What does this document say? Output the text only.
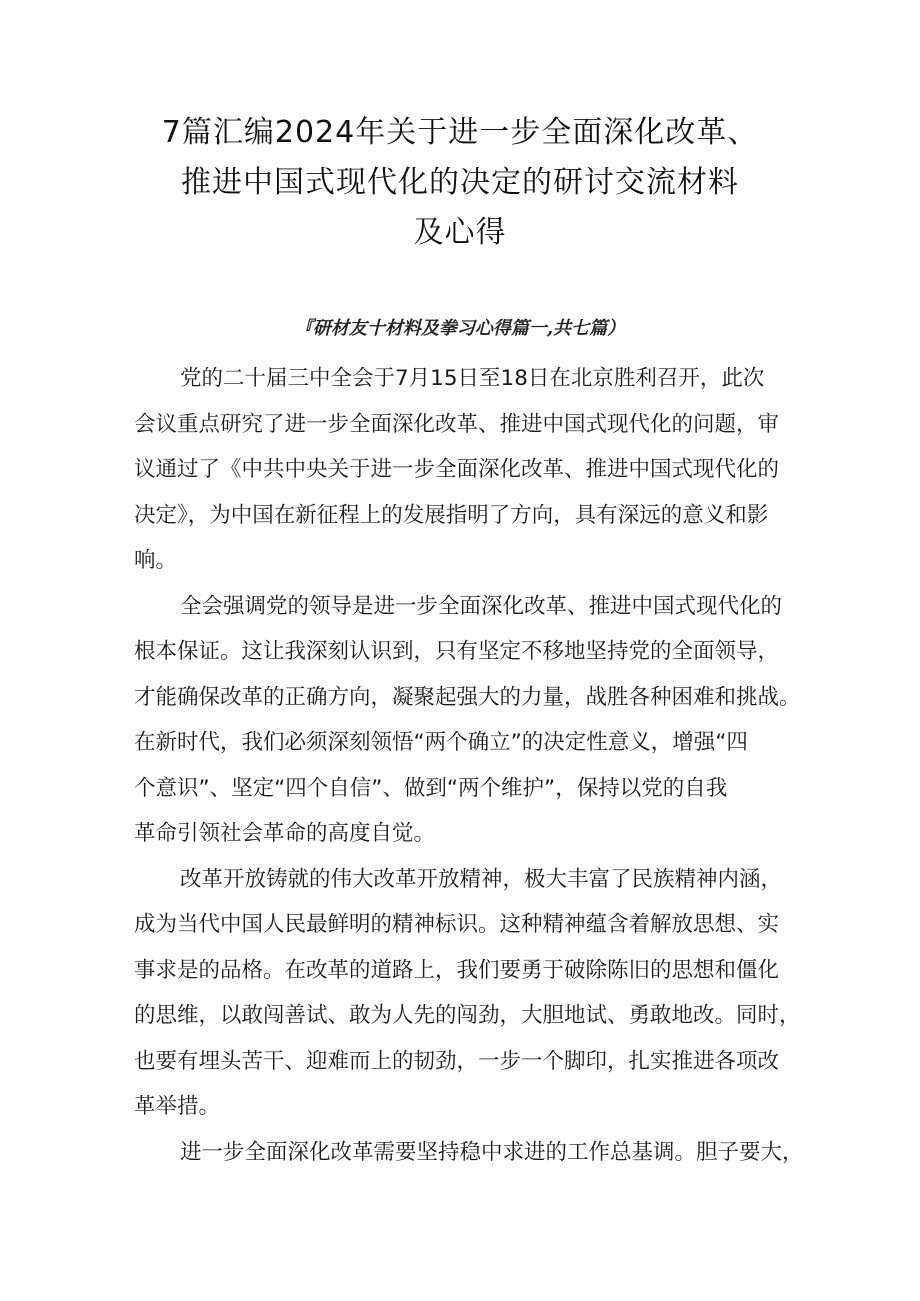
7篇汇编2024年关于进一步全面深化改革、
推进中国式现代化的决定的研讨交流材料
及心得

『研材友十材料及拳习心得篇一,共七篇）

党的二十届三中全会于7月15日至18日在北京胜利召开，此次
会议重点研究了进一步全面深化改革、推进中国式现代化的问题，审
议通过了《中共中央关于进一步全面深化改革、推进中国式现代化的
决定》，为中国在新征程上的发展指明了方向，具有深远的意义和影
响。

全会强调党的领导是进一步全面深化改革、推进中国式现代化的
根本保证。这让我深刻认识到，只有坚定不移地坚持党的全面领导，
才能确保改革的正确方向，凝聚起强大的力量，战胜各种困难和挑战。
在新时代，我们必须深刻领悟“两个确立”的决定性意义，增强“四
个意识”、坚定“四个自信”、做到“两个维护”，保持以党的自我
革命引领社会革命的高度自觉。

改革开放铸就的伟大改革开放精神，极大丰富了民族精神内涵，
成为当代中国人民最鲜明的精神标识。这种精神蕴含着解放思想、实
事求是的品格。在改革的道路上，我们要勇于破除陈旧的思想和僵化
的思维，以敢闯善试、敢为人先的闯劲，大胆地试、勇敢地改。同时，
也要有埋头苦干、迎难而上的韧劲，一步一个脚印，扎实推进各项改
革举措。

进一步全面深化改革需要坚持稳中求进的工作总基调。胆子要大，
